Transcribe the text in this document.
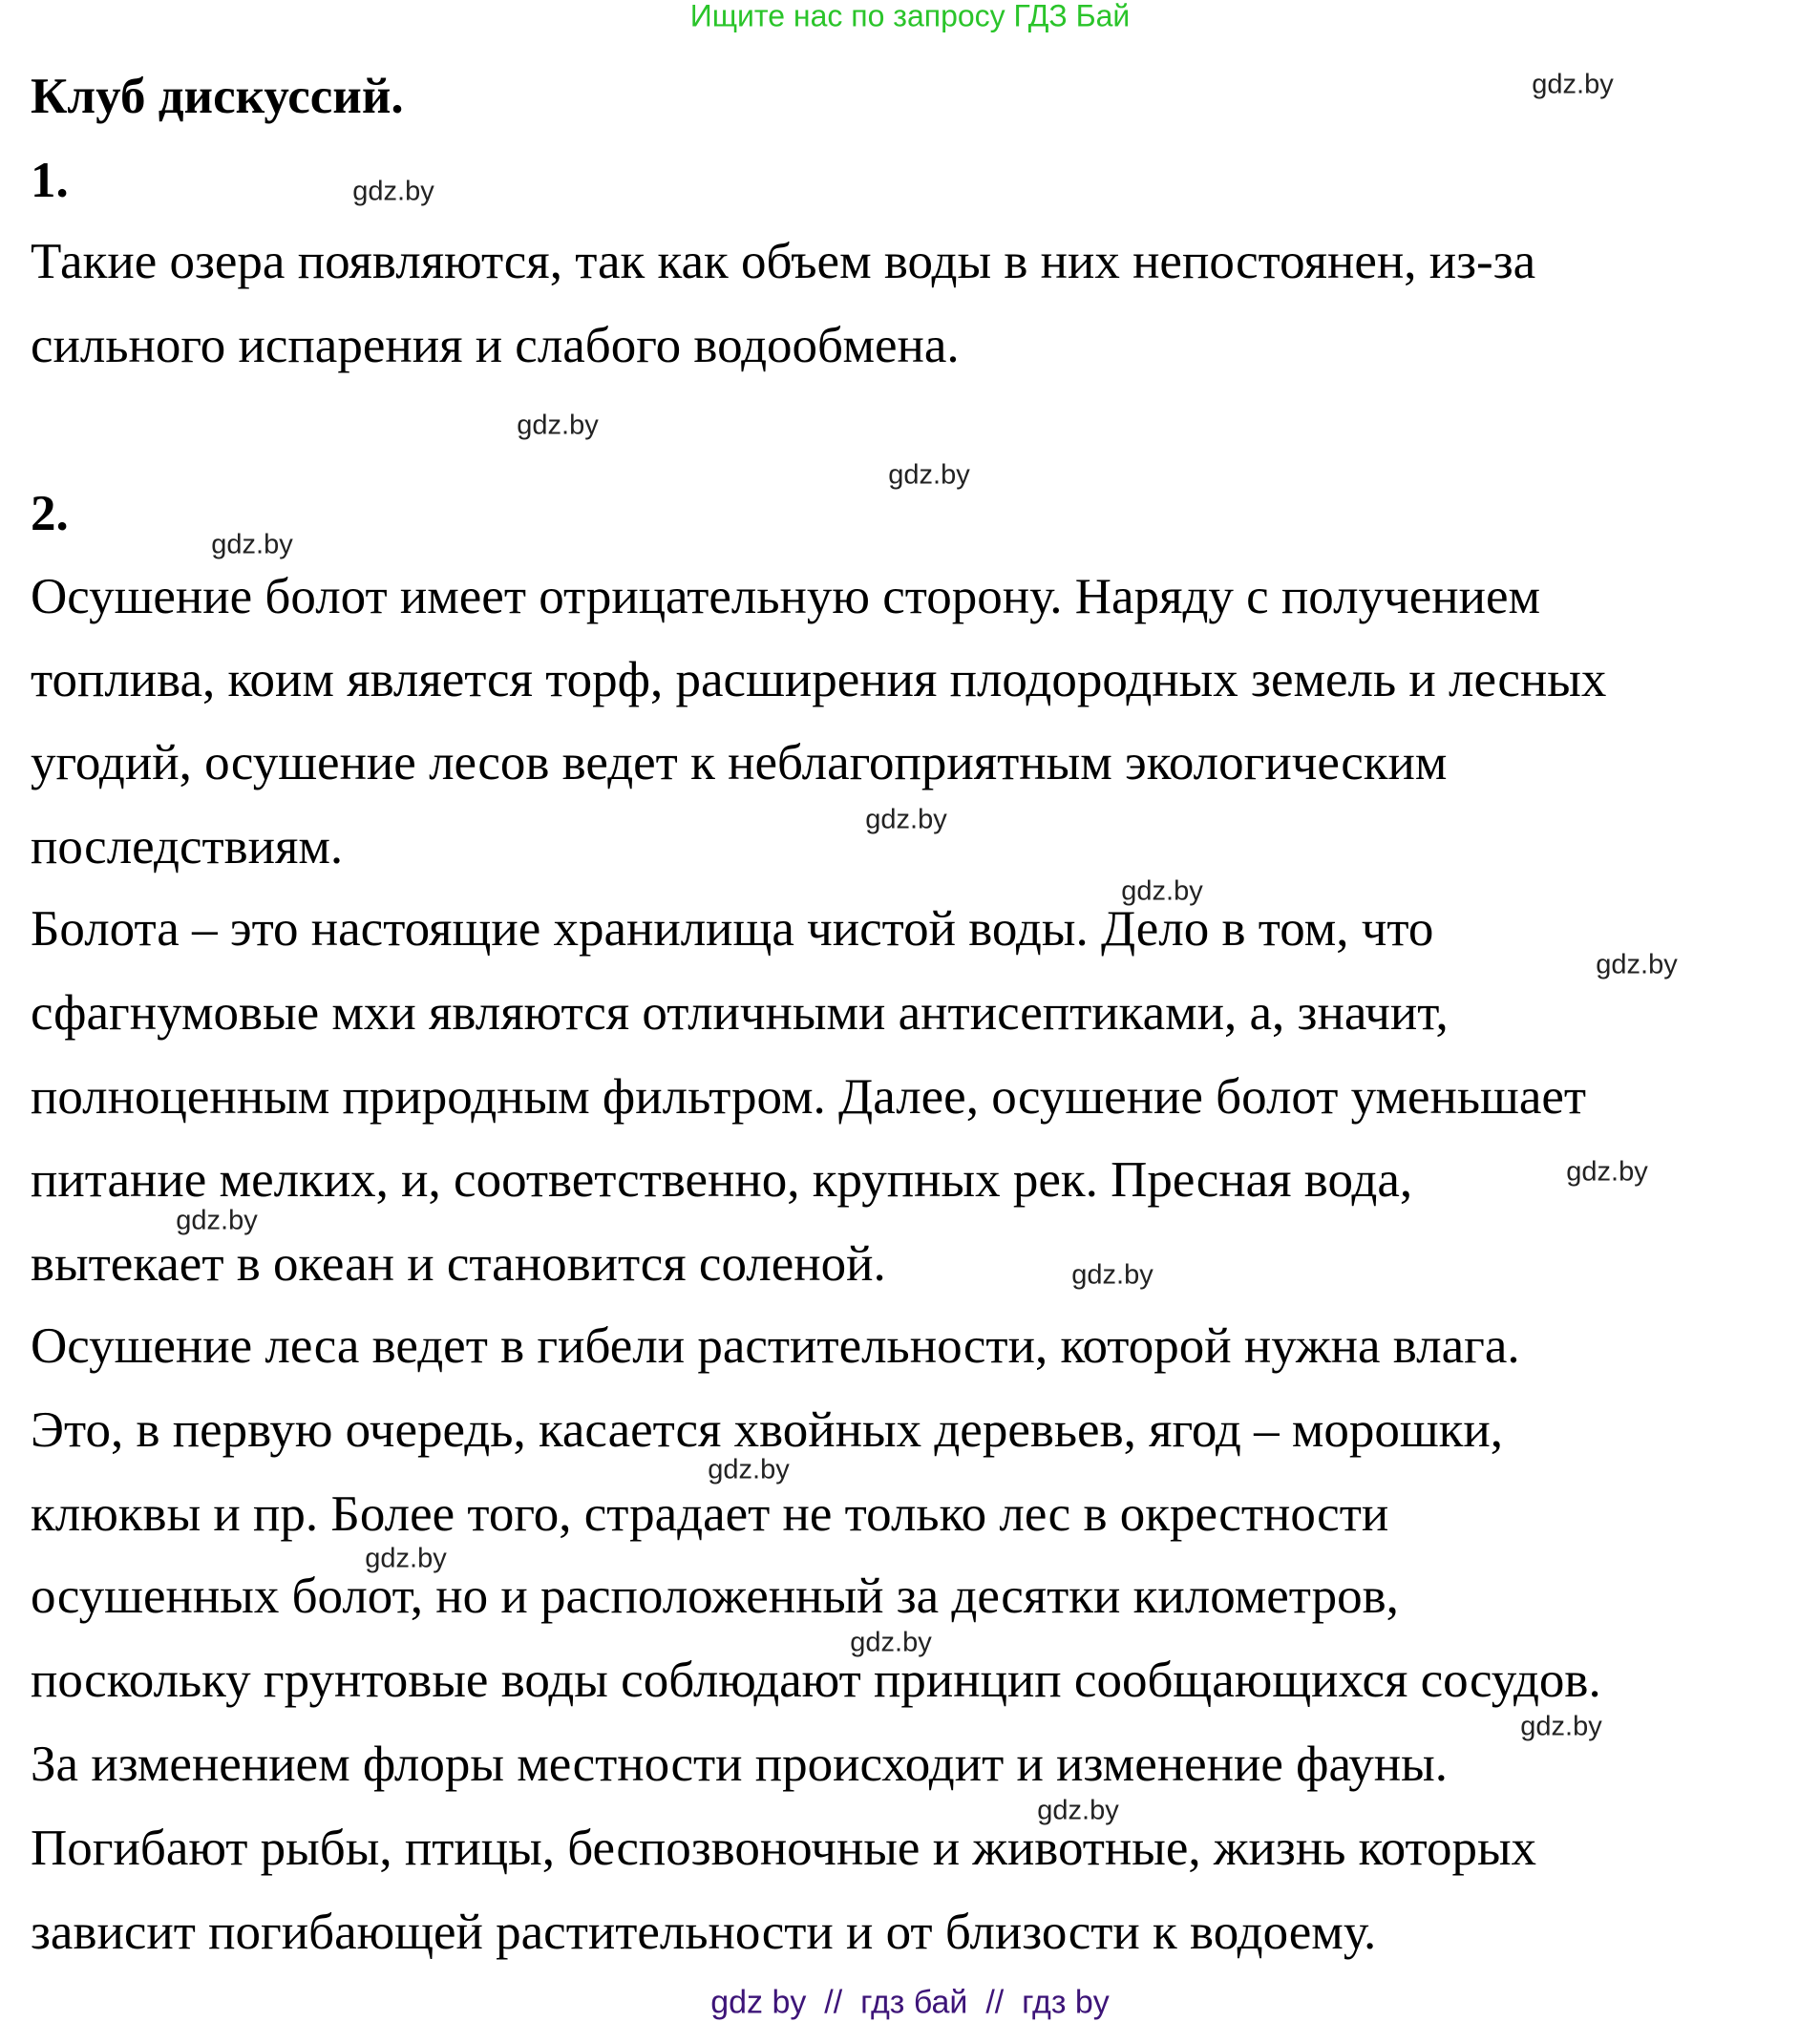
Ищите нас по запросу ГДЗ Бай
Клуб дискуссий.
1.
Такие озера появляются, так как объем воды в них непостоянен, из-за
сильного испарения и слабого водообмена.
2.
Осушение болот имеет отрицательную сторону. Наряду с получением
топлива, коим является торф, расширения плодородных земель и лесных
угодий, осушение лесов ведет к неблагоприятным экологическим
последствиям.
Болота – это настоящие хранилища чистой воды. Дело в том, что
сфагнумовые мхи являются отличными антисептиками, а, значит,
полноценным природным фильтром. Далее, осушение болот уменьшает
питание мелких, и, соответственно, крупных рек. Пресная вода,
вытекает в океан и становится соленой.
Осушение леса ведет в гибели растительности, которой нужна влага.
Это, в первую очередь, касается хвойных деревьев, ягод – морошки,
клюквы и пр. Более того, страдает не только лес в окрестности
осушенных болот, но и расположенный за десятки километров,
поскольку грунтовые воды соблюдают принцип сообщающихся сосудов.
За изменением флоры местности происходит и изменение фауны.
Погибают рыбы, птицы, беспозвоночные и животные, жизнь которых
зависит погибающей растительности и от близости к водоему.
gdz.by
gdz.by
gdz.by
gdz.by
gdz.by
gdz.by
gdz.by
gdz.by
gdz.by
gdz.by
gdz.by
gdz.by
gdz.by
gdz.by
gdz.by
gdz.by
gdz by  //  гдз бай  //  гдз by
